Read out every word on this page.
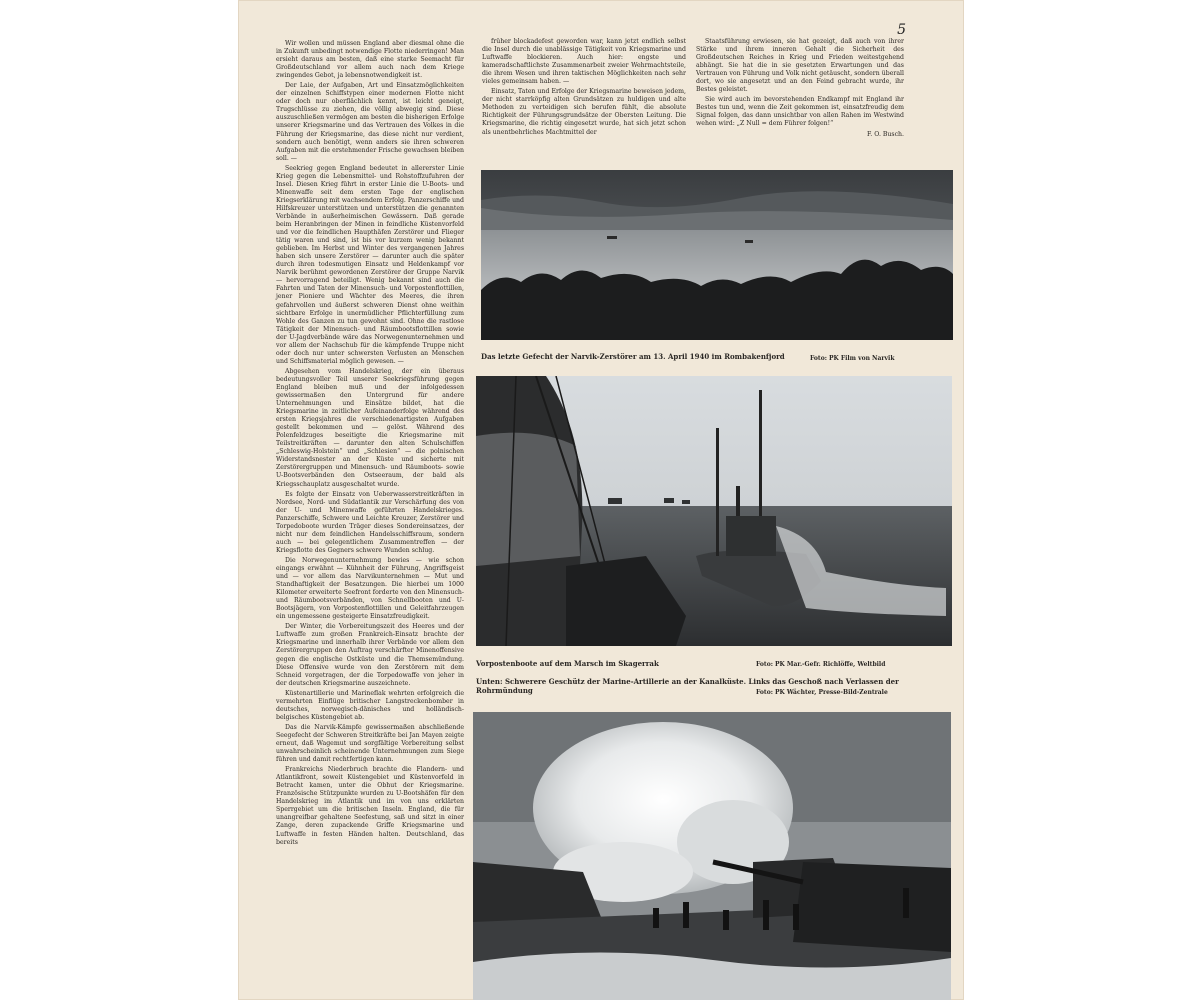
5

Wir wollen und müssen England aber diesmal ohne die in Zukunft unbedingt notwendige Flotte niederringen! Man ersieht daraus am besten, daß eine starke Seemacht für Großdeutschland vor allem auch nach dem Kriege zwingendes Gebot, ja lebensnotwendigkeit ist.

Der Laie, der Aufgaben, Art und Einsatzmöglichkeiten der einzelnen Schiffstypen einer modernen Flotte nicht oder doch nur oberflächlich kennt, ist leicht geneigt, Trugschlüsse zu ziehen, die völlig abwegig sind. Diese auszuschließen vermögen am besten die bisherigen Erfolge unserer Kriegsmarine und das Vertrauen des Volkes in die Führung der Kriegsmarine, das diese nicht nur verdient, sondern auch benötigt, wenn anders sie ihren schweren Aufgaben mit die erstehmender Frische gewachsen bleiben soll. —

Seekrieg gegen England bedeutet in allererster Linie Krieg gegen die Lebensmittel- und Rohstoffzufuhren der Insel. Diesen Krieg führt in erster Linie die U-Boots- und Minenwaffe seit dem ersten Tage der englischen Kriegserklärung mit wachsendem Erfolg. Panzerschiffe und Hilfskreuzer unterstützen und unterstützen die genannten Verbände in außerheimischen Gewässern. Daß gerade beim Heranbringen der Minen in feindliche Küstenvorfeld und vor die feindlichen Haupthäfen Zerstörer und Flieger tätig waren und sind, ist bis vor kurzem wenig bekannt geblieben. Im Herbst und Winter des vergangenen Jahres haben sich unsere Zerstörer — darunter auch die später durch ihren todesmutigen Einsatz und Heldenkampf vor Narvik berühmt gewordenen Zerstörer der Gruppe Narvik — hervorragend beteiligt. Wenig bekannt sind auch die Fahrten und Taten der Minensuch- und Vorpostenflottillen, jener Pioniere und Wächter des Meeres, die ihren gefahrvollen und äußerst schweren Dienst ohne weithin sichtbare Erfolge in unermüdlicher Pflichterfüllung zum Wohle des Ganzen zu tun gewohnt sind. Ohne die rastlose Tätigkeit der Minensuch- und Räumbootsflottillen sowie der U-Jagdverbände wäre das Norwegenunternehmen und vor allem der Nachschub für die kämpfende Truppe nicht oder doch nur unter schwersten Verlusten an Menschen und Schiffsmaterial möglich gewesen. —

Abgesehen vom Handelskrieg, der ein überaus bedeutungsvoller Teil unserer Seekriegsführung gegen England bleiben muß und der infolgedessen gewissermaßen den Untergrund für andere Unternehmungen und Einsätze bildet, hat die Kriegsmarine in zeitlicher Aufeinanderfolge während des ersten Kriegsjahres die verschiedenartigsten Aufgaben gestellt bekommen und — gelöst. Während des Polenfeldzuges beseitigte die Kriegsmarine mit Teilstreitkräften — darunter den alten Schulschiffen „Schleswig-Holstein“ und „Schlesien“ — die polnischen Widerstandsnester an der Küste und sicherte mit Zerstörergruppen und Minensuch- und Räumboots- sowie U-Bootsverbänden den Ostseeraum, der bald als Kriegsschauplatz ausgeschaltet wurde.

Es folgte der Einsatz von Ueberwasserstreitkräften in Nordsee, Nord- und Südatlantik zur Verschärfung des von der U- und Minenwaffe geführten Handelskrieges. Panzerschiffe, Schwere und Leichte Kreuzer, Zerstörer und Torpedoboote wurden Träger dieses Sondereinsatzes, der nicht nur dem feindlichen Handelsschiffsraum, sondern auch — bei gelegentlichem Zusammentreffen — der Kriegsflotte des Gegners schwere Wunden schlug.

Die Norwegenunternehmung bewies — wie schon eingangs erwähnt — Kühnheit der Führung, Angriffsgeist und — vor allem das Narvikunternehmen — Mut und Standhaftigkeit der Besatzungen. Die hierbei um 1000 Kilometer erweiterte Seefront forderte von den Minensuch- und Räumbootsverbänden, von Schnellbooten und U-Bootsjägern, von Vorpostenflottillen und Geleitfahrzeugen ein ungemessene gesteigerte Einsatzfreudigkeit.

Der Winter, die Vorbereitungszeit des Heeres und der Luftwaffe zum großen Frankreich-Einsatz brachte der Kriegsmarine und innerhalb ihrer Verbände vor allem den Zerstörergruppen den Auftrag verschärfter Minenoffensive gegen die englische Ostküste und die Themsemündung. Diese Offensive wurde von den Zerstörern mit dem Schneid vorgetragen, der die Torpedowaffe von jeher in der deutschen Kriegsmarine auszeichnete.

Küstenartillerie und Marineflak wehrten erfolgreich die vermehrten Einflüge britischer Langstreckenbomber in deutsches, norwegisch-dänisches und holländisch-belgisches Küstengebiet ab.

Das die Narvik-Kämpfe gewissermaßen abschließende Seegefecht der Schweren Streitkräfte bei Jan Mayen zeigte erneut, daß Wagemut und sorgfältige Vorbereitung selbst unwahrscheinlich scheinende Unternehmungen zum Siege führen und damit rechtfertigen kann.

Frankreichs Niederbruch brachte die Flandern- und Atlantikfront, soweit Küstengebiet und Küstenvorfeld in Betracht kamen, unter die Obhut der Kriegsmarine. Französische Stützpunkte wurden zu U-Bootshäfen für den Handelskrieg im Atlantik und im von uns erklärten Sperrgebiet um die britischen Inseln. England, die für unangreifbar gehaltene Seefestung, saß und sitzt in einer Zange, deren zupackende Griffe Kriegsmarine und Luftwaffe in festen Händen halten. Deutschland, das bereits

früher blockadefest geworden war, kann jetzt endlich selbst die Insel durch die unablässige Tätigkeit von Kriegsmarine und Luftwaffe blockieren. Auch hier: engste und kameradschaftlichste Zusammenarbeit zweier Wehrmachtsteile, die ihrem Wesen und ihren taktischen Möglichkeiten nach sehr vieles gemeinsam haben. —

Einsatz, Taten und Erfolge der Kriegsmarine beweisen jedem, der nicht starrköpfig alten Grundsätzen zu huldigen und alte Methoden zu verteidigen sich berufen fühlt, die absolute Richtigkeit der Führungsgrundsätze der Obersten Leitung. Die Kriegsmarine, die richtig eingesetzt wurde, hat sich jetzt schon als unentbehrliches Machtmittel der

Staatsführung erwiesen, sie hat gezeigt, daß auch von ihrer Stärke und ihrem inneren Gehalt die Sicherheit des Großdeutschen Reiches in Krieg und Frieden weitestgehend abhängt. Sie hat die in sie gesetzten Erwartungen und das Vertrauen von Führung und Volk nicht getäuscht, sondern überall dort, wo sie angesetzt und an den Feind gebracht wurde, ihr Bestes geleistet.

Sie wird auch im bevorstehenden Endkampf mit England ihr Bestes tun und, wenn die Zeit gekommen ist, einsatzfreudig dem Signal folgen, das dann unsichtbar von allen Rahen im Westwind wehen wird: „Z Null = dem Führer folgen!“

F. O. Busch.

Das letzte Gefecht der Narvik-Zerstörer am 13. April 1940 im Rombakenfjord	Foto: PK Film von Narvik
Vorpostenboote auf dem Marsch im Skagerrak	Foto: PK Mar.-Gefr. Richlöffe, Weltbild
Unten: Schwerere Geschütz der Marine-Artillerie an der Kanalküste. Links das Geschoß nach Verlassen der Rohrmündung	Foto: PK Wächter, Presse-Bild-Zentrale
